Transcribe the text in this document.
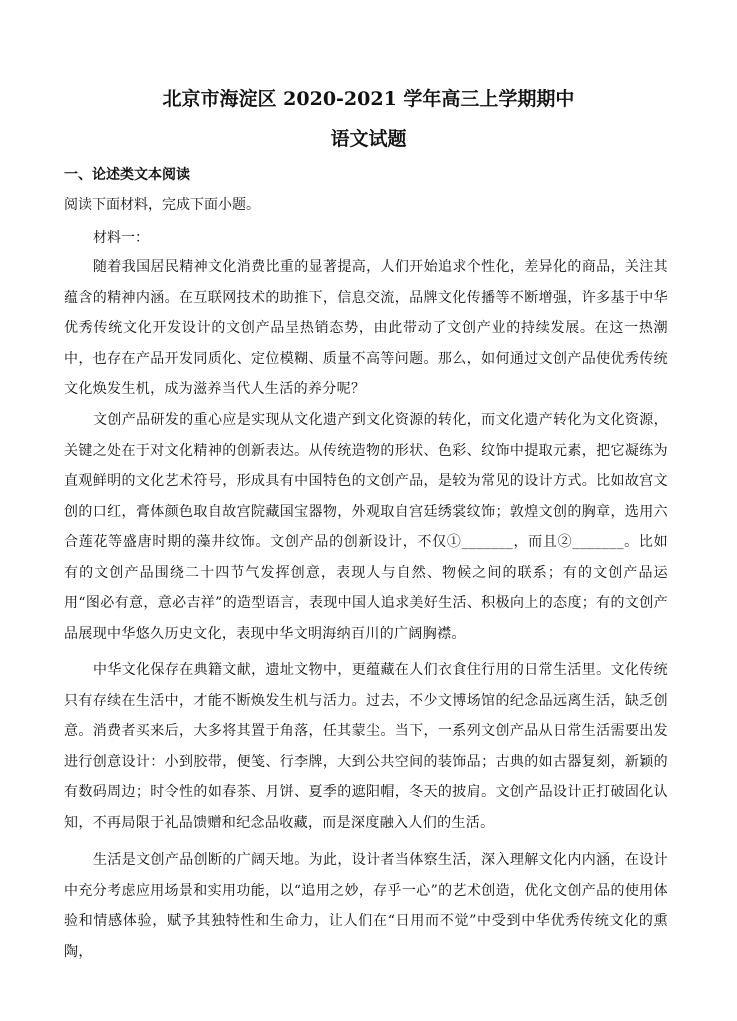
北京市海淀区 2020-2021 学年高三上学期期中
语文试题
一、论述类文本阅读
阅读下面材料，完成下面小题。
材料一：

随着我国居民精神文化消费比重的显著提高，人们开始追求个性化，差异化的商品，关注其蕴含的精神内涵。在互联网技术的助推下，信息交流，品牌文化传播等不断增强，许多基于中华优秀传统文化开发设计的文创产品呈热销态势，由此带动了文创产业的持续发展。在这一热潮中，也存在产品开发同质化、定位模糊、质量不高等问题。那么，如何通过文创产品使优秀传统文化焕发生机，成为滋养当代人生活的养分呢？

文创产品研发的重心应是实现从文化遗产到文化资源的转化，而文化遗产转化为文化资源，关键之处在于对文化精神的创新表达。从传统造物的形状、色彩、纹饰中提取元素，把它凝练为直观鲜明的文化艺术符号，形成具有中国特色的文创产品，是较为常见的设计方式。比如故宫文创的口红，膏体颜色取自故宫院藏国宝器物，外观取自宫廷绣裳纹饰；敦煌文创的胸章，选用六合莲花等盛唐时期的藻井纹饰。文创产品的创新设计，不仅①_______，而且②_______。比如有的文创产品围绕二十四节气发挥创意，表现人与自然、物候之间的联系；有的文创产品运用“图必有意，意必吉祥”的造型语言，表现中国人追求美好生活、积极向上的态度；有的文创产品展现中华悠久历史文化，表现中华文明海纳百川的广阔胸襟。

中华文化保存在典籍文献，遗址文物中，更蕴藏在人们衣食住行用的日常生活里。文化传统只有存续在生活中，才能不断焕发生机与活力。过去，不少文博场馆的纪念品远离生活，缺乏创意。消费者买来后，大多将其置于角落，任其蒙尘。当下，一系列文创产品从日常生活需要出发进行创意设计：小到胶带，便笺、行李牌，大到公共空间的装饰品；古典的如古器复刻，新颖的有数码周边；时令性的如春茶、月饼、夏季的遮阳帽，冬天的披肩。文创产品设计正打破固化认知，不再局限于礼品馈赠和纪念品收藏，而是深度融入人们的生活。

生活是文创产品创断的广阔天地。为此，设计者当体察生活，深入理解文化内内涵，在设计中充分考虑应用场景和实用功能，以“追用之妙，存乎一心”的艺术创造，优化文创产品的使用体验和情感体验，赋予其独特性和生命力，让人们在“日用而不觉”中受到中华优秀传统文化的熏陶，
